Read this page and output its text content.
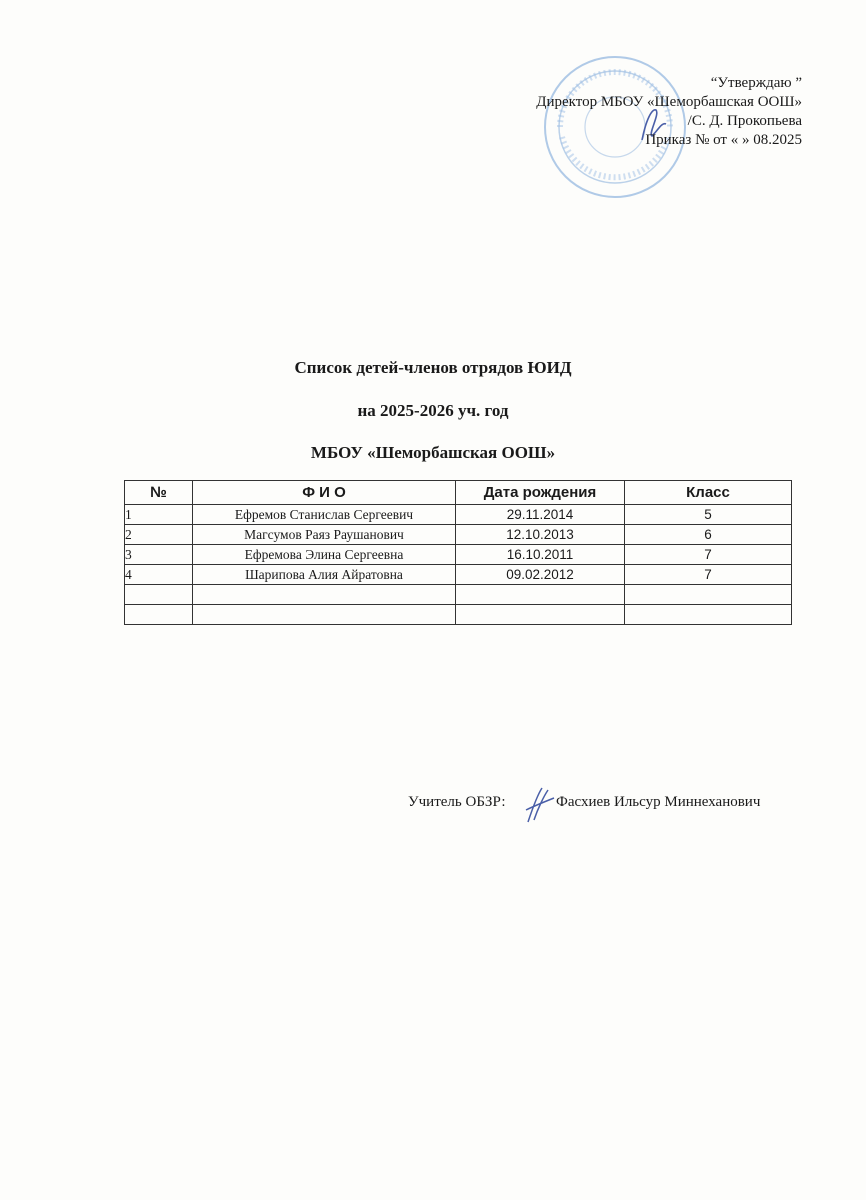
“Утверждаю ”
Директор МБОУ «Шеморбашская ООШ»
/С. Д. Прокопьева
Приказ № от « » 08.2025
Список детей-членов отрядов ЮИД
на 2025-2026 уч. год
МБОУ «Шеморбашская ООШ»
№	Ф И О	Дата рождения	Класс
1	Ефремов Станислав Сергеевич	29.11.2014	5
2	Магсумов Раяз Раушанович	12.10.2013	6
3	Ефремова Элина Сергеевна	16.10.2011	7
4	Шарипова Алия Айратовна	09.02.2012	7

Учитель ОБЗР:	Фасхиев Ильсур Миннеханович
